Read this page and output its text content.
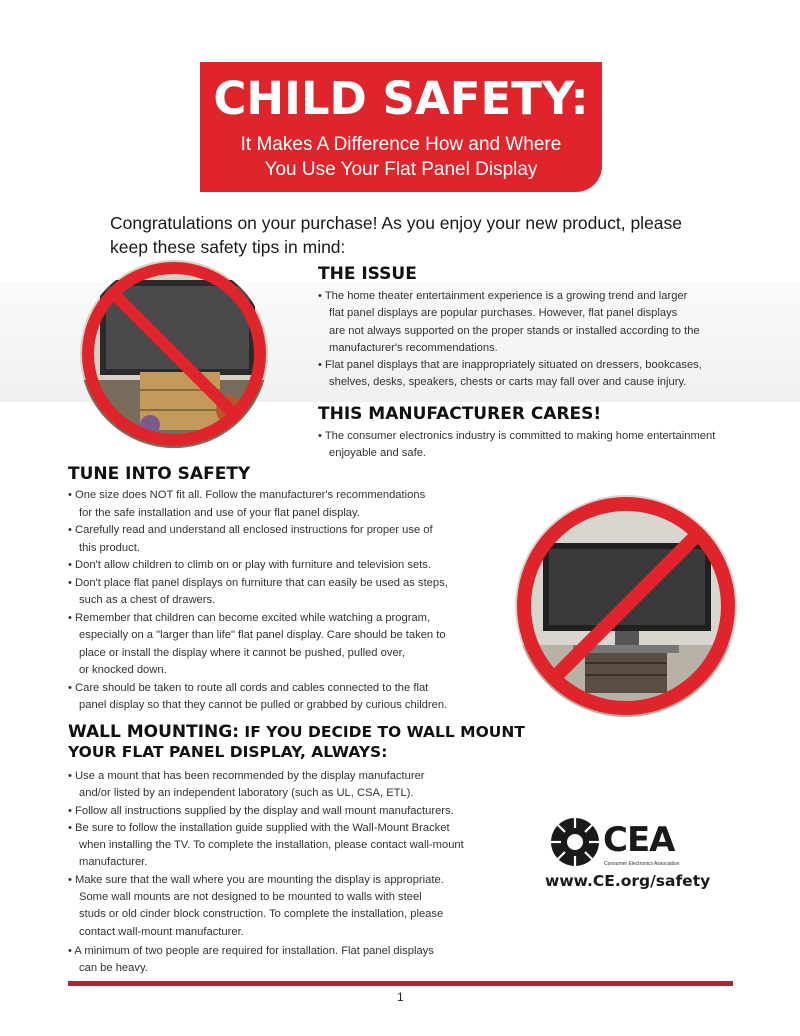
CHILD SAFETY:
It Makes A Difference How and Where
You Use Your Flat Panel Display
Congratulations on your purchase! As you enjoy your new product, please
keep these safety tips in mind:
THE ISSUE
• The home theater entertainment experience is a growing trend and larger
flat panel displays are popular purchases. However, flat panel displays
are not always supported on the proper stands or installed according to the
manufacturer's recommendations.
• Flat panel displays that are inappropriately situated on dressers, bookcases,
shelves, desks, speakers, chests or carts may fall over and cause injury.
THIS MANUFACTURER CARES!
• The consumer electronics industry is committed to making home entertainment
enjoyable and safe.
TUNE INTO SAFETY
• One size does NOT fit all. Follow the manufacturer's recommendations
for the safe installation and use of your flat panel display.
• Carefully read and understand all enclosed instructions for proper use of
this product.
• Don't allow children to climb on or play with furniture and television sets.
• Don't place flat panel displays on furniture that can easily be used as steps,
such as a chest of drawers.
• Remember that children can become excited while watching a program,
especially on a "larger than life" flat panel display. Care should be taken to
place or install the display where it cannot be pushed, pulled over,
or knocked down.
• Care should be taken to route all cords and cables connected to the flat
panel display so that they cannot be pulled or grabbed by curious children.
WALL MOUNTING: IF YOU DECIDE TO WALL MOUNT
YOUR FLAT PANEL DISPLAY, ALWAYS:
• Use a mount that has been recommended by the display manufacturer
and/or listed by an independent laboratory (such as UL, CSA, ETL).
• Follow all instructions supplied by the display and wall mount manufacturers.
• Be sure to follow the installation guide supplied with the Wall-Mount Bracket
when installing the TV. To complete the installation, please contact wall-mount
manufacturer.
• Make sure that the wall where you are mounting the display is appropriate.
Some wall mounts are not designed to be mounted to walls with steel
studs or old cinder block construction. To complete the installation, please
contact wall-mount manufacturer.
• A minimum of two people are required for installation. Flat panel displays
can be heavy.
CEA
Consumer Electronics Association
www.CE.org/safety
1
